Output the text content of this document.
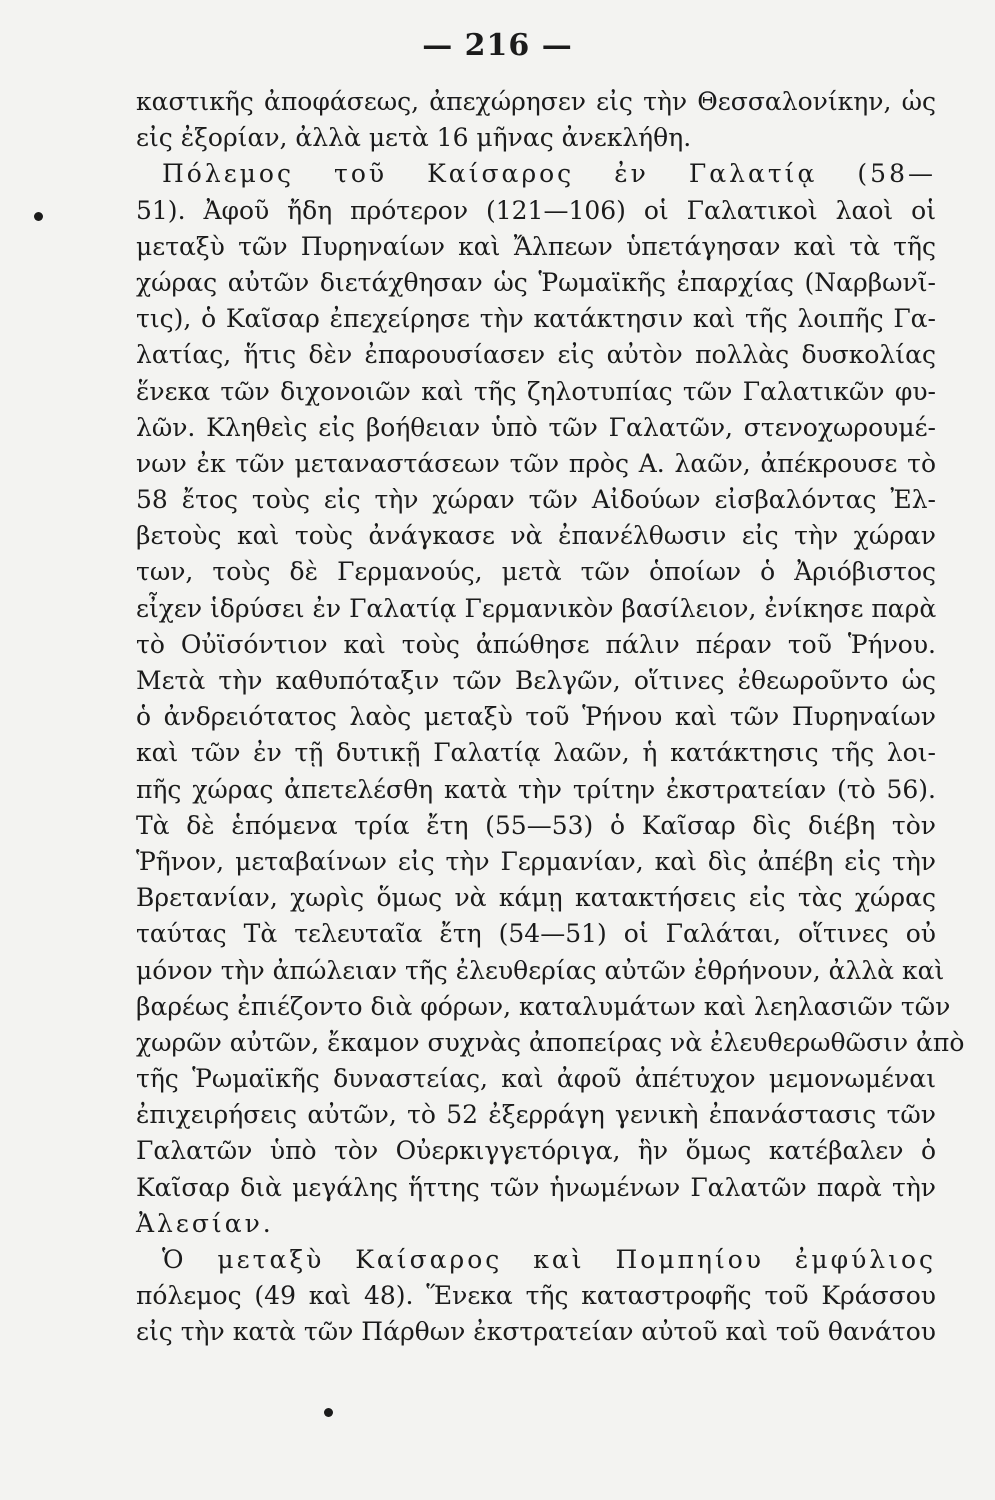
— 216 —
καστικῆς ἀποφάσεως, ἀπεχώρησεν εἰς τὴν Θεσσαλονίκην, ὡς
εἰς ἐξορίαν, ἀλλὰ μετὰ 16 μῆνας ἀνεκλήθη.
Πόλεμος τοῦ Καίσαρος ἐν Γαλατίᾳ (58—
51). Ἀφοῦ ἤδη πρότερον (121—106) οἱ Γαλατικοὶ λαοὶ οἱ
μεταξὺ τῶν Πυρηναίων καὶ Ἄλπεων ὑπετάγησαν καὶ τὰ τῆς
χώρας αὐτῶν διετάχθησαν ὡς Ῥωμαϊκῆς ἐπαρχίας (Ναρβωνῖ-
τις), ὁ Καῖσαρ ἐπεχείρησε τὴν κατάκτησιν καὶ τῆς λοιπῆς Γα-
λατίας, ἥτις δὲν ἐπαρουσίασεν εἰς αὐτὸν πολλὰς δυσκολίας
ἕνεκα τῶν διχονοιῶν καὶ τῆς ζηλοτυπίας τῶν Γαλατικῶν φυ-
λῶν. Κληθεὶς εἰς βοήθειαν ὑπὸ τῶν Γαλατῶν, στενοχωρουμέ-
νων ἐκ τῶν μεταναστάσεων τῶν πρὸς Α. λαῶν, ἀπέκρουσε τὸ
58 ἔτος τοὺς εἰς τὴν χώραν τῶν Αἰδούων εἰσβαλόντας Ἐλ-
βετοὺς καὶ τοὺς ἀνάγκασε νὰ ἐπανέλθωσιν εἰς τὴν χώραν
των, τοὺς δὲ Γερμανούς, μετὰ τῶν ὁποίων ὁ Ἀριόβιστος
εἶχεν ἱδρύσει ἐν Γαλατίᾳ Γερμανικὸν βασίλειον, ἐνίκησε παρὰ
τὸ Οὐϊσόντιον καὶ τοὺς ἀπώθησε πάλιν πέραν τοῦ Ῥήνου.
Μετὰ τὴν καθυπόταξιν τῶν Βελγῶν, οἵτινες ἐθεωροῦντο ὡς
ὁ ἀνδρειότατος λαὸς μεταξὺ τοῦ Ῥήνου καὶ τῶν Πυρηναίων
καὶ τῶν ἐν τῇ δυτικῇ Γαλατίᾳ λαῶν, ἡ κατάκτησις τῆς λοι-
πῆς χώρας ἀπετελέσθη κατὰ τὴν τρίτην ἐκστρατείαν (τὸ 56).
Τὰ δὲ ἑπόμενα τρία ἔτη (55—53) ὁ Καῖσαρ δὶς διέβη τὸν
Ῥῆνον, μεταβαίνων εἰς τὴν Γερμανίαν, καὶ δὶς ἀπέβη εἰς τὴν
Βρετανίαν, χωρὶς ὅμως νὰ κάμῃ κατακτήσεις εἰς τὰς χώρας
ταύτας Τὰ τελευταῖα ἔτη (54—51) οἱ Γαλάται, οἵτινες οὐ
μόνον τὴν ἀπώλειαν τῆς ἐλευθερίας αὐτῶν ἐθρήνουν, ἀλλὰ καὶ
βαρέως ἐπιέζοντο διὰ φόρων, καταλυμάτων καὶ λεηλασιῶν τῶν
χωρῶν αὐτῶν, ἔκαμον συχνὰς ἀποπείρας νὰ ἐλευθερωθῶσιν ἀπὸ
τῆς Ῥωμαϊκῆς δυναστείας, καὶ ἀφοῦ ἀπέτυχον μεμονωμέναι
ἐπιχειρήσεις αὐτῶν, τὸ 52 ἐξερράγη γενικὴ ἐπανάστασις τῶν
Γαλατῶν ὑπὸ τὸν Οὐερκιγγετόριγα, ἣν ὅμως κατέβαλεν ὁ
Καῖσαρ διὰ μεγάλης ἥττης τῶν ἡνωμένων Γαλατῶν παρὰ τὴν
Ἀλεσίαν.
Ὁ μεταξὺ Καίσαρος καὶ Πομπηίου ἐμφύλιος
πόλεμος (49 καὶ 48). Ἕνεκα τῆς καταστροφῆς τοῦ Κράσσου
εἰς τὴν κατὰ τῶν Πάρθων ἐκστρατείαν αὐτοῦ καὶ τοῦ θανάτου
